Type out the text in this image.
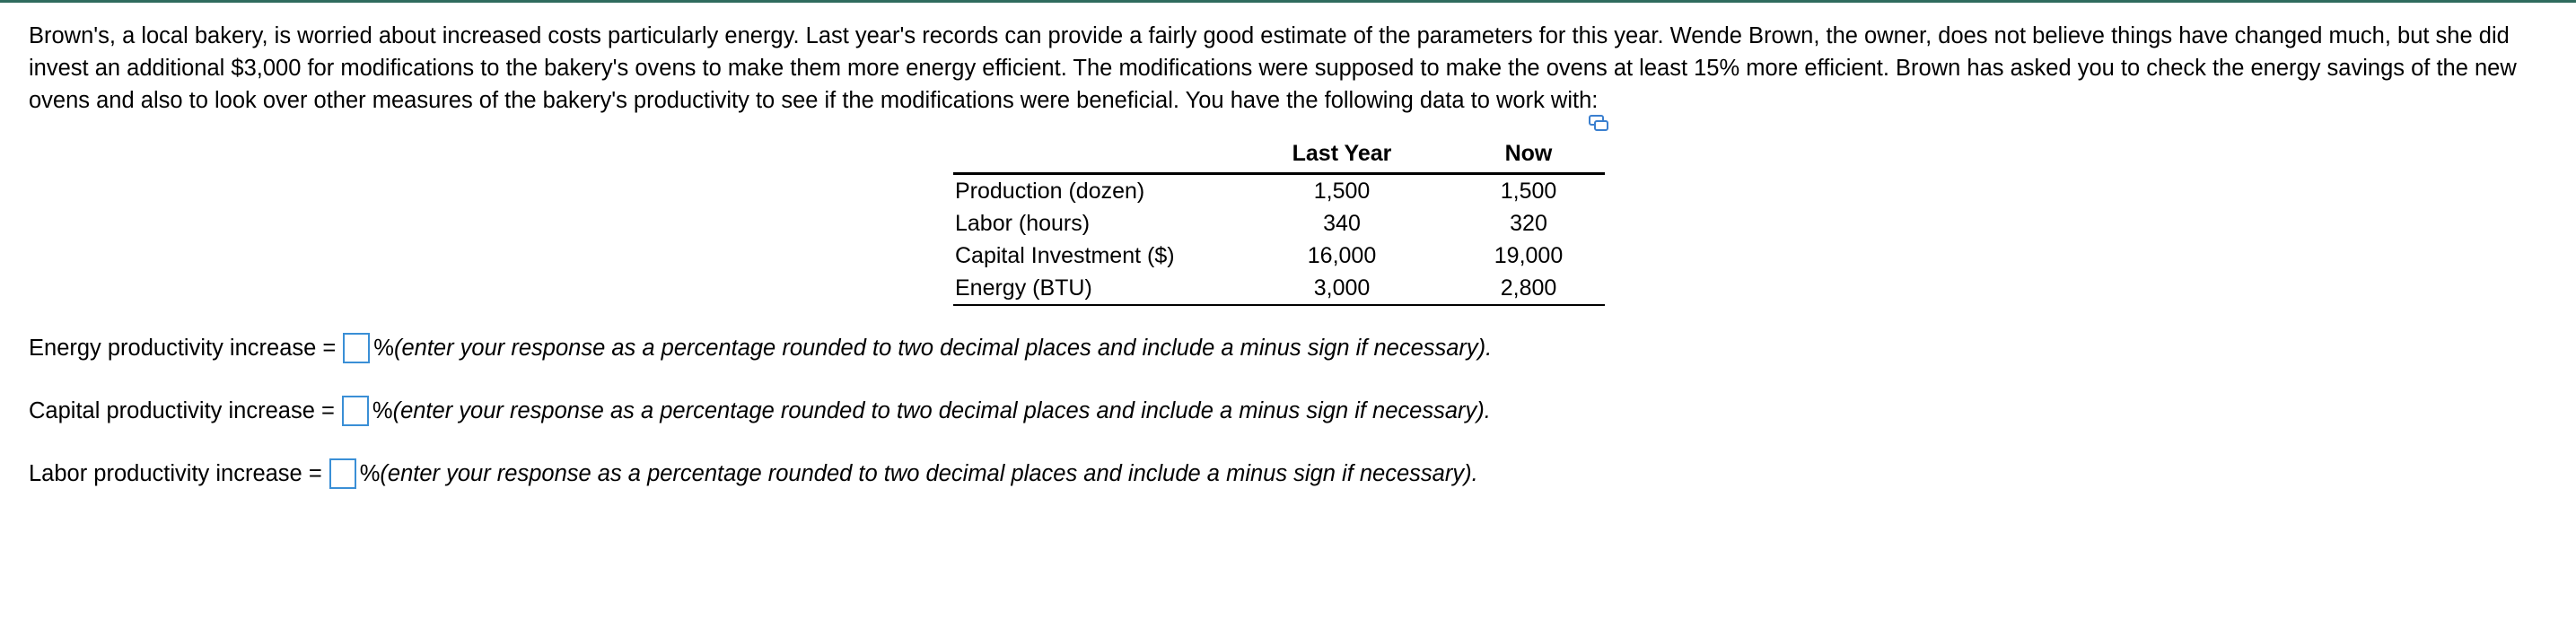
Brown's, a local bakery, is worried about increased costs particularly energy. Last year's records can provide a fairly good estimate of the parameters for this year. Wende Brown, the owner, does not believe things have changed much, but she did invest an additional $3,000 for modifications to the bakery's ovens to make them more energy efficient. The modifications were supposed to make the ovens at least 15% more efficient. Brown has asked you to check the energy savings of the new ovens and also to look over other measures of the bakery's productivity to see if the modifications were beneficial. You have the following data to work with:

	Last Year	Now
Production (dozen)	1,500	1,500
Labor (hours)	340	320
Capital Investment ($)	16,000	19,000
Energy (BTU)	3,000	2,800
Energy productivity increase = % (enter your response as a percentage rounded to two decimal places and include a minus sign if necessary).
Capital productivity increase = % (enter your response as a percentage rounded to two decimal places and include a minus sign if necessary).
Labor productivity increase = % (enter your response as a percentage rounded to two decimal places and include a minus sign if necessary).
